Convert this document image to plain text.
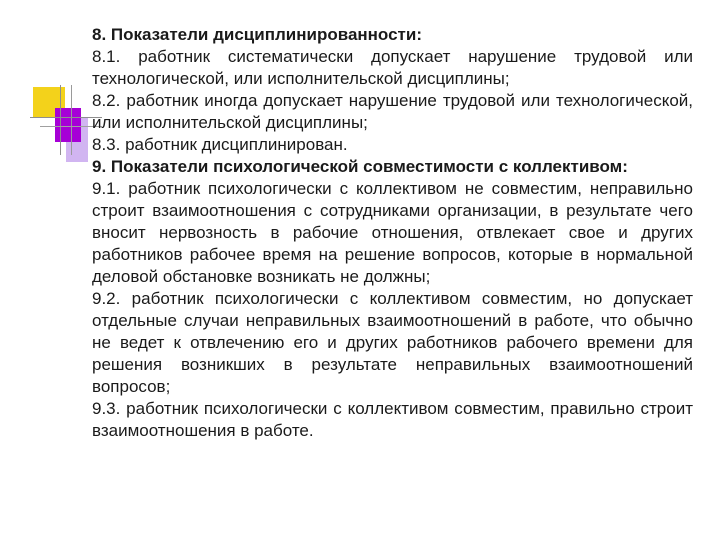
8. Показатели дисциплинированности:

8.1. работник систематически допускает нарушение трудовой или технологической, или исполнительской дисциплины;

8.2. работник иногда допускает нарушение трудовой или технологической, или исполнительской дисциплины;

8.3. работник дисциплинирован.

9. Показатели психологической совместимости с коллективом:

9.1. работник психологически с коллективом не совместим, неправильно строит взаимоотношения с сотрудниками организации, в результате чего вносит нервозность в рабочие отношения, отвлекает свое и других работников рабочее время на решение вопросов, которые в нормальной деловой обстановке возникать не должны;

9.2. работник психологически с коллективом совместим, но допускает отдельные случаи неправильных взаимоотношений в работе, что обычно не ведет к отвлечению его и других работников рабочего времени для решения возникших в результате неправильных взаимоотношений вопросов;

9.3. работник психологически с коллективом совместим, правильно строит взаимоотношения в работе.
